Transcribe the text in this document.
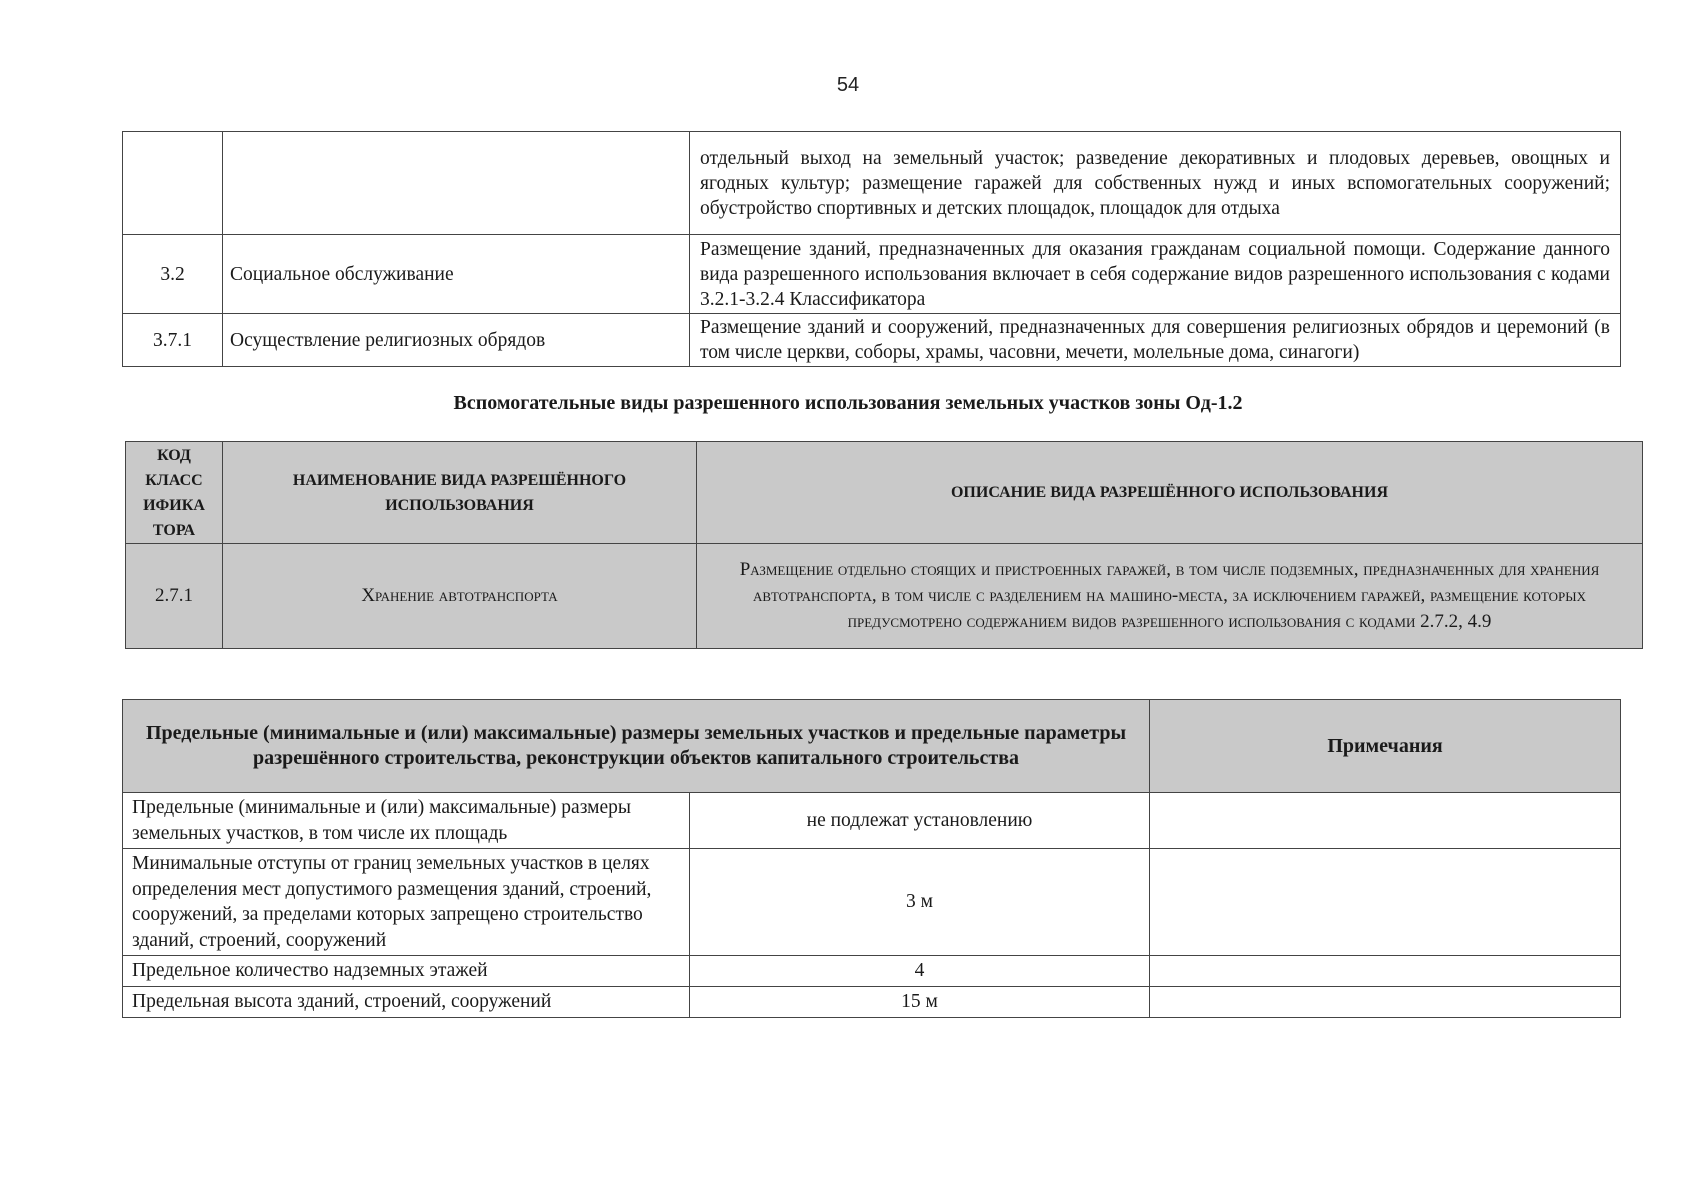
54
		отдельный выход на земельный участок; разведение декоративных и плодовых деревьев, овощных и ягодных культур; размещение гаражей для собственных нужд и иных вспомогательных сооружений; обустройство спортивных и детских площадок, площадок для отдыха
3.2	Социальное обслуживание	Размещение зданий, предназначенных для оказания гражданам социальной помощи. Содержание данного вида разрешенного использования включает в себя содержание видов разрешенного использования с кодами 3.2.1-3.2.4 Классификатора
3.7.1	Осуществление религиозных обрядов	Размещение зданий и сооружений, предназначенных для совершения религиозных обрядов и церемоний (в том числе церкви, соборы, храмы, часовни, мечети, молельные дома, синагоги)
Вспомогательные виды разрешенного использования земельных участков зоны Од-1.2
КОД КЛАСС ИФИКА ТОРА	НАИМЕНОВАНИЕ ВИДА РАЗРЕШЁННОГО ИСПОЛЬЗОВАНИЯ	ОПИСАНИЕ ВИДА РАЗРЕШЁННОГО ИСПОЛЬЗОВАНИЯ
2.7.1	Хранение автотранспорта	Размещение отдельно стоящих и пристроенных гаражей, в том числе подземных, предназначенных для хранения автотранспорта, в том числе с разделением на машино-места, за исключением гаражей, размещение которых предусмотрено содержанием видов разрешенного использования с кодами 2.7.2, 4.9
Предельные (минимальные и (или) максимальные) размеры земельных участков и предельные параметры разрешённого строительства, реконструкции объектов капитального строительства		Примечания
Предельные (минимальные и (или) максимальные) размеры земельных участков, в том числе их площадь	не подлежат установлению	
Минимальные отступы от границ земельных участков в целях определения мест допустимого размещения зданий, строений, сооружений, за пределами которых запрещено строительство зданий, строений, сооружений	3 м	
Предельное количество надземных этажей	4	
Предельная высота зданий, строений, сооружений	15 м	
